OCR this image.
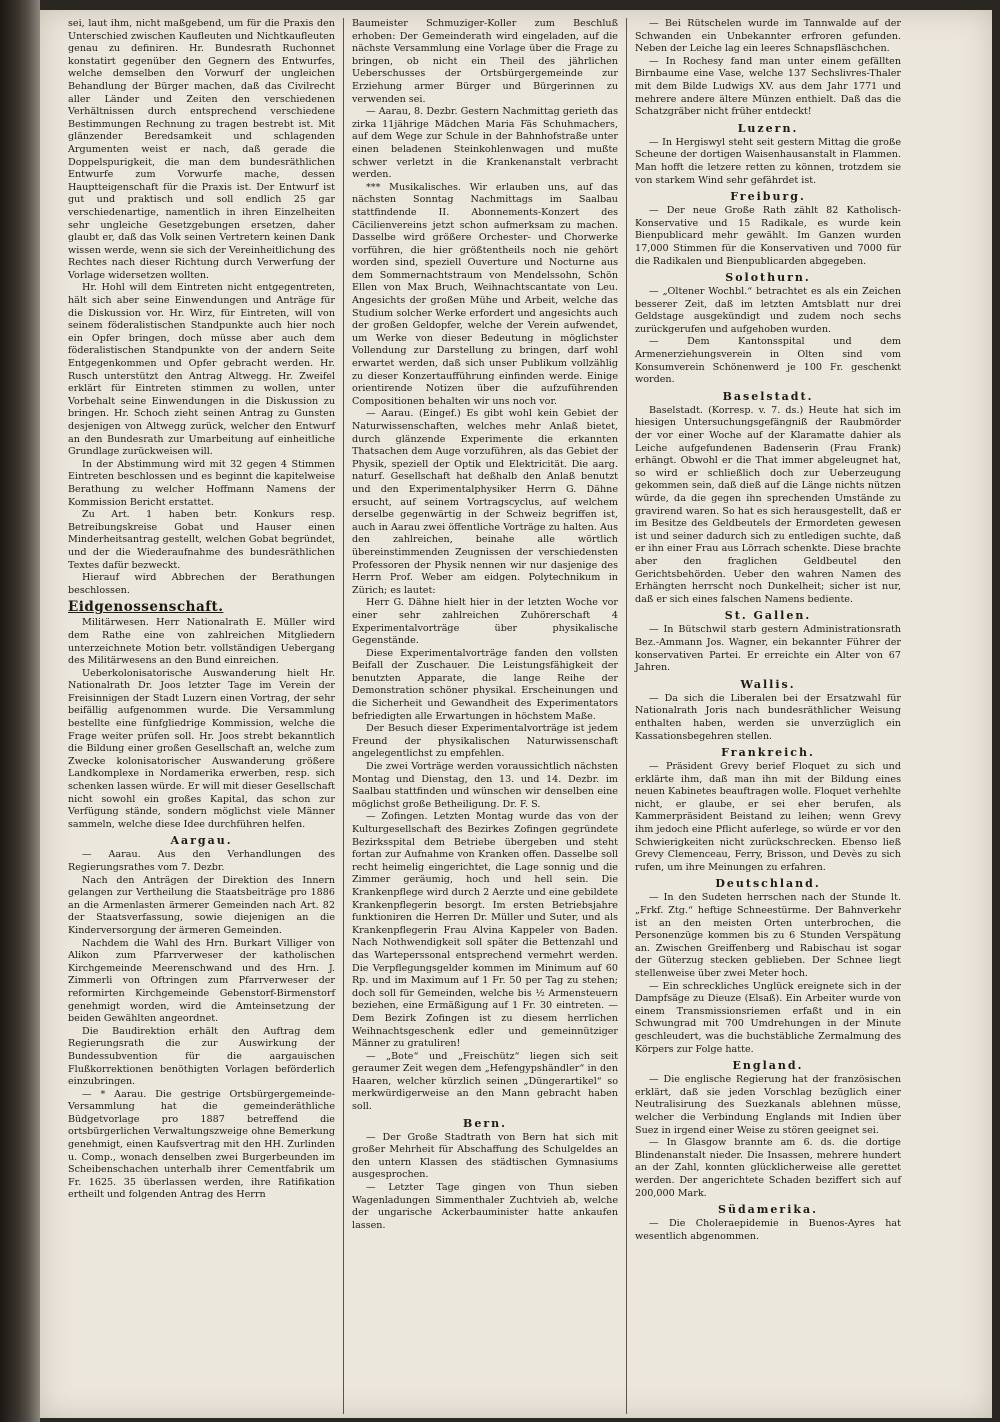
sei, laut ihm, nicht maßgebend, um für die Praxis den Unterschied zwischen Kaufleuten und Nichtkaufleuten genau zu definiren. Hr. Bundesrath Ruchonnet konstatirt gegenüber den Gegnern des Entwurfes, welche demselben den Vorwurf der ungleichen Behandlung der Bürger machen, daß das Civilrecht aller Länder und Zeiten den verschiedenen Verhältnissen durch entsprechend verschiedene Bestimmungen Rechnung zu tragen bestrebt ist. Mit glänzender Beredsamkeit und schlagenden Argumenten weist er nach, daß gerade die Doppelspurigkeit, die man dem bundesräthlichen Entwurfe zum Vorwurfe mache, dessen Hauptteigenschaft für die Praxis ist. Der Entwurf ist gut und praktisch und soll endlich 25 gar verschiedenartige, namentlich in ihren Einzelheiten sehr ungleiche Gesetzgebungen ersetzen, daher glaubt er, daß das Volk seinen Vertretern keinen Dank wissen werde, wenn sie sich der Vereinheitlichung des Rechtes nach dieser Richtung durch Verwerfung der Vorlage widersetzen wollten.

Hr. Hohl will dem Eintreten nicht entgegentreten, hält sich aber seine Einwendungen und Anträge für die Diskussion vor. Hr. Wirz, für Eintreten, will von seinem föderalistischen Standpunkte auch hier noch ein Opfer bringen, doch müsse aber auch dem föderalistischen Standpunkte von der andern Seite Entgegenkommen und Opfer gebracht werden. Hr. Rusch unterstützt den Antrag Altwegg. Hr. Zweifel erklärt für Eintreten stimmen zu wollen, unter Vorbehalt seine Einwendungen in die Diskussion zu bringen. Hr. Schoch zieht seinen Antrag zu Gunsten desjenigen von Altwegg zurück, welcher den Entwurf an den Bundesrath zur Umarbeitung auf einheitliche Grundlage zurückweisen will.

In der Abstimmung wird mit 32 gegen 4 Stimmen Eintreten beschlossen und es beginnt die kapitelweise Berathung zu welcher Hoffmann Namens der Kommission Bericht erstattet.

Zu Art. 1 haben betr. Konkurs resp. Betreibungskreise Gobat und Hauser einen Minderheitsantrag gestellt, welchen Gobat begründet, und der die Wiederaufnahme des bundesräthlichen Textes dafür bezweckt.

Hierauf wird Abbrechen der Berathungen beschlossen.

Eidgenossenschaft.

Militärwesen. Herr Nationalrath E. Müller wird dem Rathe eine von zahlreichen Mitgliedern unterzeichnete Motion betr. vollständigen Uebergang des Militärwesens an den Bund einreichen.

Ueberkolonisatorische Auswanderung hielt Hr. Nationalrath Dr. Joos letzter Tage im Verein der Freisinnigen der Stadt Luzern einen Vortrag, der sehr beifällig aufgenommen wurde. Die Versammlung bestellte eine fünfgliedrige Kommission, welche die Frage weiter prüfen soll. Hr. Joos strebt bekanntlich die Bildung einer großen Gesellschaft an, welche zum Zwecke kolonisatorischer Auswanderung größere Landkomplexe in Nordamerika erwerben, resp. sich schenken lassen würde. Er will mit dieser Gesellschaft nicht sowohl ein großes Kapital, das schon zur Verfügung stände, sondern möglichst viele Männer sammeln, welche diese Idee durchführen helfen.

Aargau.

— Aarau. Aus den Verhandlungen des Regierungsrathes vom 7. Dezbr.

Nach den Anträgen der Direktion des Innern gelangen zur Vertheilung die Staatsbeiträge pro 1886 an die Armenlasten ärmerer Gemeinden nach Art. 82 der Staatsverfassung, sowie diejenigen an die Kinderversorgung der ärmeren Gemeinden.

Nachdem die Wahl des Hrn. Burkart Villiger von Alikon zum Pfarrverweser der katholischen Kirchgemeinde Meerenschwand und des Hrn. J. Zimmerli von Oftringen zum Pfarrverweser der reformirten Kirchgemeinde Gebenstorf-Birmenstorf genehmigt worden, wird die Amteinsetzung der beiden Gewählten angeordnet.

Die Baudirektion erhält den Auftrag dem Regierungsrath die zur Auswirkung der Bundessubvention für die aargauischen Flußkorrektionen benöthigten Vorlagen beförderlich einzubringen.

— * Aarau. Die gestrige Ortsbürgergemeinde-Versammlung hat die gemeinderäthliche Büdgetvorlage pro 1887 betreffend die ortsbürgerlichen Verwaltungszweige ohne Bemerkung genehmigt, einen Kaufsvertrag mit den HH. Zurlinden u. Comp., wonach denselben zwei Burgerbeunden im Scheibenschachen unterhalb ihrer Cementfabrik um Fr. 1625. 35 überlassen werden, ihre Ratifikation ertheilt und folgenden Antrag des Herrn

Baumeister Schmuziger-Koller zum Beschluß erhoben: Der Gemeinderath wird eingeladen, auf die nächste Versammlung eine Vorlage über die Frage zu bringen, ob nicht ein Theil des jährlichen Ueberschusses der Ortsbürgergemeinde zur Erziehung armer Bürger und Bürgerinnen zu verwenden sei.

— Aarau, 8. Dezbr. Gestern Nachmittag gerieth das zirka 11jährige Mädchen Maria Fäs Schuhmachers, auf dem Wege zur Schule in der Bahnhofstraße unter einen beladenen Steinkohlenwagen und mußte schwer verletzt in die Krankenanstalt verbracht werden.

*** Musikalisches. Wir erlauben uns, auf das nächsten Sonntag Nachmittags im Saalbau stattfindende II. Abonnements-Konzert des Cäcilienvereins jetzt schon aufmerksam zu machen. Dasselbe wird größere Orchester- und Chorwerke vorführen, die hier größtentheils noch nie gehört worden sind, speziell Ouverture und Nocturne aus dem Sommernachtstraum von Mendelssohn, Schön Ellen von Max Bruch, Weihnachtscantate von Leu. Angesichts der großen Mühe und Arbeit, welche das Studium solcher Werke erfordert und angesichts auch der großen Geldopfer, welche der Verein aufwendet, um Werke von dieser Bedeutung in möglichster Vollendung zur Darstellung zu bringen, darf wohl erwartet werden, daß sich unser Publikum vollzählig zu dieser Konzertaufführung einfinden werde. Einige orientirende Notizen über die aufzuführenden Compositionen behalten wir uns noch vor.

— Aarau. (Eingef.) Es gibt wohl kein Gebiet der Naturwissenschaften, welches mehr Anlaß bietet, durch glänzende Experimente die erkannten Thatsachen dem Auge vorzuführen, als das Gebiet der Physik, speziell der Optik und Elektricität. Die aarg. naturf. Gesellschaft hat deßhalb den Anlaß benutzt und den Experimentalphysiker Herrn G. Dähne ersucht, auf seinem Vortragscyclus, auf welchem derselbe gegenwärtig in der Schweiz begriffen ist, auch in Aarau zwei öffentliche Vorträge zu halten. Aus den zahlreichen, beinahe alle wörtlich übereinstimmenden Zeugnissen der verschiedensten Professoren der Physik nennen wir nur dasjenige des Herrn Prof. Weber am eidgen. Polytechnikum in Zürich; es lautet:

Herr G. Dähne hielt hier in der letzten Woche vor einer sehr zahlreichen Zuhörerschaft 4 Experimentalvorträge über physikalische Gegenstände.

Diese Experimentalvorträge fanden den vollsten Beifall der Zuschauer. Die Leistungsfähigkeit der benutzten Apparate, die lange Reihe der Demonstration schöner physikal. Erscheinungen und die Sicherheit und Gewandheit des Experimentators befriedigten alle Erwartungen in höchstem Maße.

Der Besuch dieser Experimentalvorträge ist jedem Freund der physikalischen Naturwissenschaft angelegentlichst zu empfehlen.

Die zwei Vorträge werden voraussichtlich nächsten Montag und Dienstag, den 13. und 14. Dezbr. im Saalbau stattfinden und wünschen wir denselben eine möglichst große Betheiligung. Dr. F. S.

— Zofingen. Letzten Montag wurde das von der Kulturgesellschaft des Bezirkes Zofingen gegründete Bezirksspital dem Betriebe übergeben und steht fortan zur Aufnahme von Kranken offen. Dasselbe soll recht heimelig eingerichtet, die Lage sonnig und die Zimmer geräumig, hoch und hell sein. Die Krankenpflege wird durch 2 Aerzte und eine gebildete Krankenpflegerin besorgt. Im ersten Betriebsjahre funktioniren die Herren Dr. Müller und Suter, und als Krankenpflegerin Frau Alvina Kappeler von Baden. Nach Nothwendigkeit soll später die Bettenzahl und das Warteperssonal entsprechend vermehrt werden. Die Verpflegungsgelder kommen im Minimum auf 60 Rp. und im Maximum auf 1 Fr. 50 per Tag zu stehen; doch soll für Gemeinden, welche bis ½ Armensteuern beziehen, eine Ermäßigung auf 1 Fr. 30 eintreten. — Dem Bezirk Zofingen ist zu diesem herrlichen Weihnachtsgeschenk edler und gemeinnütziger Männer zu gratuliren!

— „Bote“ und „Freischütz“ liegen sich seit geraumer Zeit wegen dem „Hefengypshändler“ in den Haaren, welcher kürzlich seinen „Düngerartikel“ so merkwürdigerweise an den Mann gebracht haben soll.

Bern.

— Der Große Stadtrath von Bern hat sich mit großer Mehrheit für Abschaffung des Schulgeldes an den untern Klassen des städtischen Gymnasiums ausgesprochen.

— Letzter Tage gingen von Thun sieben Wagenladungen Simmenthaler Zuchtvieh ab, welche der ungarische Ackerbauminister hatte ankaufen lassen.

— Bei Rütschelen wurde im Tannwalde auf der Schwanden ein Unbekannter erfroren gefunden. Neben der Leiche lag ein leeres Schnapsfläschchen.

— In Rochesy fand man unter einem gefällten Birnbaume eine Vase, welche 137 Sechslivres-Thaler mit dem Bilde Ludwigs XV. aus dem Jahr 1771 und mehrere andere ältere Münzen enthielt. Daß das die Schatzgräber nicht früher entdeckt!

Luzern.

— In Hergiswyl steht seit gestern Mittag die große Scheune der dortigen Waisenhausanstalt in Flammen. Man hofft die letzere retten zu können, trotzdem sie von starkem Wind sehr gefährdet ist.

Freiburg.

— Der neue Große Rath zählt 82 Katholisch-Konservative und 15 Radikale, es wurde kein Bienpublicard mehr gewählt. Im Ganzen wurden 17,000 Stimmen für die Konservativen und 7000 für die Radikalen und Bienpublicarden abgegeben.

Solothurn.

— „Oltener Wochbl.“ betrachtet es als ein Zeichen besserer Zeit, daß im letzten Amtsblatt nur drei Geldstage ausgekündigt und zudem noch sechs zurückgerufen und aufgehoben wurden.

— Dem Kantonsspital und dem Armenerziehungsverein in Olten sind vom Konsumverein Schönenwerd je 100 Fr. geschenkt worden.

Baselstadt.

Baselstadt. (Korresp. v. 7. ds.) Heute hat sich im hiesigen Untersuchungsgefängniß der Raubmörder der vor einer Woche auf der Klaramatte dahier als Leiche aufgefundenen Badenserin (Frau Frank) erhängt. Obwohl er die That immer abgeleugnet hat, so wird er schließlich doch zur Ueberzeugung gekommen sein, daß dieß auf die Länge nichts nützen würde, da die gegen ihn sprechenden Umstände zu gravirend waren. So hat es sich herausgestellt, daß er im Besitze des Geldbeutels der Ermordeten gewesen ist und seiner dadurch sich zu entledigen suchte, daß er ihn einer Frau aus Lörrach schenkte. Diese brachte aber den fraglichen Geldbeutel den Gerichtsbehörden. Ueber den wahren Namen des Erhängten herrscht noch Dunkelheit; sicher ist nur, daß er sich eines falschen Namens bediente.

St. Gallen.

— In Bütschwil starb gestern Administrationsrath Bez.-Ammann Jos. Wagner, ein bekannter Führer der konservativen Partei. Er erreichte ein Alter von 67 Jahren.

Wallis.

— Da sich die Liberalen bei der Ersatzwahl für Nationalrath Joris nach bundesräthlicher Weisung enthalten haben, werden sie unverzüglich ein Kassationsbegehren stellen.

Frankreich.

— Präsident Grevy berief Floquet zu sich und erklärte ihm, daß man ihn mit der Bildung eines neuen Kabinetes beauftragen wolle. Floquet verhehlte nicht, er glaube, er sei eher berufen, als Kammerpräsident Beistand zu leihen; wenn Grevy ihm jedoch eine Pflicht auferlege, so würde er vor den Schwierigkeiten nicht zurückschrecken. Ebenso ließ Grevy Clemenceau, Ferry, Brisson, und Devès zu sich rufen, um ihre Meinungen zu erfahren.

Deutschland.

— In den Sudeten herrschen nach der Stunde lt. „Frkf. Ztg.“ heftige Schneestürme. Der Bahnverkehr ist an den meisten Orten unterbrochen, die Personenzüge kommen bis zu 6 Stunden Verspätung an. Zwischen Greiffenberg und Rabischau ist sogar der Güterzug stecken geblieben. Der Schnee liegt stellenweise über zwei Meter hoch.

— Ein schreckliches Unglück ereignete sich in der Dampfsäge zu Dieuze (Elsaß). Ein Arbeiter wurde von einem Transmissionsriemen erfaßt und in ein Schwungrad mit 700 Umdrehungen in der Minute geschleudert, was die buchstäbliche Zermalmung des Körpers zur Folge hatte.

England.

— Die englische Regierung hat der französischen erklärt, daß sie jeden Vorschlag bezüglich einer Neutralisirung des Suezkanals ablehnen müsse, welcher die Verbindung Englands mit Indien über Suez in irgend einer Weise zu stören geeignet sei.

— In Glasgow brannte am 6. ds. die dortige Blindenanstalt nieder. Die Insassen, mehrere hundert an der Zahl, konnten glücklicherweise alle gerettet werden. Der angerichtete Schaden beziffert sich auf 200,000 Mark.

Südamerika.

— Die Choleraepidemie in Buenos-Ayres hat wesentlich abgenommen.
